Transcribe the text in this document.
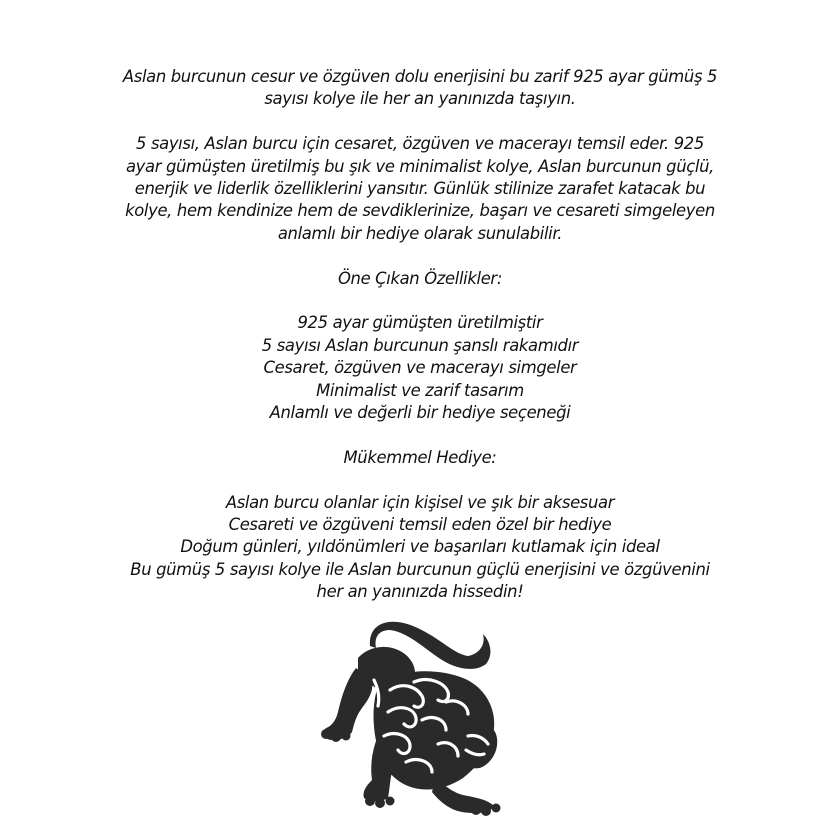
Aslan burcunun cesur ve özgüven dolu enerjisini bu zarif 925 ayar gümüş 5
sayısı kolye ile her an yanınızda taşıyın.
5 sayısı, Aslan burcu için cesaret, özgüven ve macerayı temsil eder. 925
ayar gümüşten üretilmiş bu şık ve minimalist kolye, Aslan burcunun güçlü,
enerjik ve liderlik özelliklerini yansıtır. Günlük stilinize zarafet katacak bu
kolye, hem kendinize hem de sevdiklerinize, başarı ve cesareti simgeleyen
anlamlı bir hediye olarak sunulabilir.
Öne Çıkan Özellikler:
925 ayar gümüşten üretilmiştir
5 sayısı Aslan burcunun şanslı rakamıdır
Cesaret, özgüven ve macerayı simgeler
Minimalist ve zarif tasarım
Anlamlı ve değerli bir hediye seçeneği
Mükemmel Hediye:
Aslan burcu olanlar için kişisel ve şık bir aksesuar
Cesareti ve özgüveni temsil eden özel bir hediye
Doğum günleri, yıldönümleri ve başarıları kutlamak için ideal
Bu gümüş 5 sayısı kolye ile Aslan burcunun güçlü enerjisini ve özgüvenini
her an yanınızda hissedin!
